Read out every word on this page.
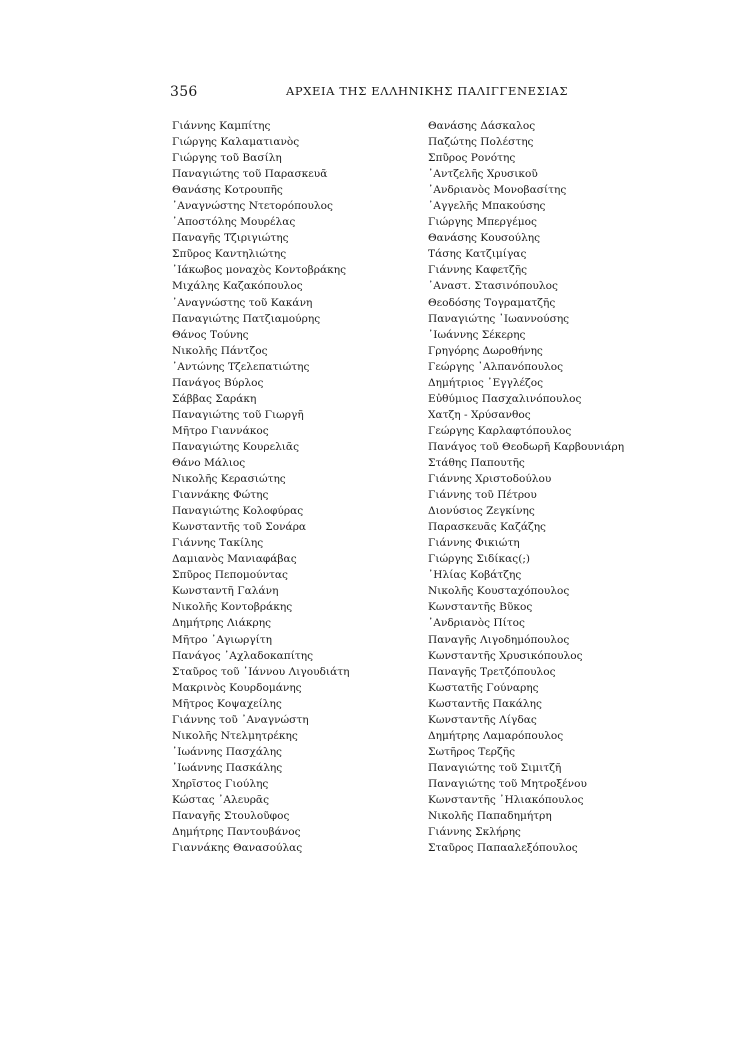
356	ΑΡΧΕΙΑ ΤΗΣ ΕΛΛΗΝΙΚΗΣ ΠΑΛΙΓΓΕΝΕΣΙΑΣ
Γιάννης Καμπίτης
Γιώργης Καλαματιανὸς
Γιώργης τοῦ Βασίλη
Παναγιώτης τοῦ Παρασκευᾶ
Θανάσης Κοτρουπῆς
᾿Αναγνώστης Ντετορόπουλος
᾿Αποστόλης Μουρέλας
Παναγῆς Τζιριγιώτης
Σπῦρος Καντηλιώτης
᾿Ιάκωβος μοναχὸς Κοντοβράκης
Μιχάλης Καζακόπουλος
᾿Αναγνώστης τοῦ Κακάνη
Παναγιώτης Πατζιαμούρης
Θάνος Τούνης
Νικολῆς Πάντζος
᾿Αντώνης Τζελεπατιώτης
Πανάγος Βύρλος
Σάββας Σαράκη
Παναγιώτης τοῦ Γιωργῆ
Μῆτρο Γιαννάκος
Παναγιώτης Κουρελιᾶς
Θάνο Μάλιος
Νικολῆς Κερασιώτης
Γιαννάκης Φώτης
Παναγιώτης Κολοφύρας
Κωνσταντῆς τοῦ Σονάρα
Γιάννης Τακίλης
Δαμιανὸς Μανιαφάβας
Σπῦρος Πεπομούντας
Κωνσταντῆ Γαλάνη
Νικολῆς Κοντοβράκης
Δημήτρης Λιάκρης
Μῆτρο ᾿Αγιωργίτη
Πανάγος ᾿Αχλαδοκαπίτης
Σταῦρος τοῦ ᾿Ιάννου Λιγουδιάτη
Μακρινὸς Κουρδομάνης
Μῆτρος Κοψαχείλης
Γιάννης τοῦ ᾿Αναγνώστη
Νικολῆς Ντελμητρέκης
᾿Ιωάννης Πασχάλης
᾿Ιωάννης Πασκάλης
Χηρῖστος Γιούλης
Κώστας ᾿Αλευρᾶς
Παναγῆς Στουλοῦφος
Δημήτρης Παντουβάνος
Γιαννάκης Θανασούλας
Θανάσης Δάσκαλος
Παζώτης Πολέστης
Σπῦρος Ρονότης
᾿Αντζελῆς Χρυσικοῦ
᾿Ανδριανὸς Μονοβασίτης
᾿Αγγελῆς Μπακούσης
Γιώργης Μπεργέμος
Θανάσης Κουσούλης
Τάσης Κατζιμίγας
Γιάννης Καφετζῆς
᾿Αναστ. Στασινόπουλος
Θεοδόσης Τογραματζῆς
Παναγιώτης ᾿Ιωαννούσης
᾿Ιωάννης Σέκερης
Γρηγόρης Δωροθήνης
Γεώργης ᾿Αλπανόπουλος
Δημήτριος ᾿Εγγλέζος
Εὐθύμιος Πασχαλινόπουλος
Χατζη - Χρύσανθος
Γεώργης Καρλαφτόπουλος
Πανάγος τοῦ Θεοδωρῆ Καρβουνιάρη
Στάθης Παπουτῆς
Γιάννης Χριστοδούλου
Γιάννης τοῦ Πέτρου
Διονύσιος Ζεγκίνης
Παρασκευᾶς Καζάζης
Γιάννης Φικιώτη
Γιώργης Σιδίκας(;)
᾿Ηλίας Κοβάτζης
Νικολῆς Κουσταχόπουλος
Κωνσταντῆς Βῦκος
᾿Ανδριανὸς Πίτος
Παναγῆς Λιγοδημόπουλος
Κωνσταντῆς Χρυσικόπουλος
Παναγῆς Τρετζόπουλος
Κωστατῆς Γούναρης
Κωσταντῆς Πακάλης
Κωνσταντῆς Λίγδας
Δημήτρης Λαμαρόπουλος
Σωτῆρος Τερζῆς
Παναγιώτης τοῦ Σιμιτζῆ
Παναγιώτης τοῦ Μητροξένου
Κωνσταντῆς ᾿Ηλιακόπουλος
Νικολῆς Παπαδημήτρη
Γιάννης Σκλήρης
Σταῦρος Παπααλεξόπουλος
